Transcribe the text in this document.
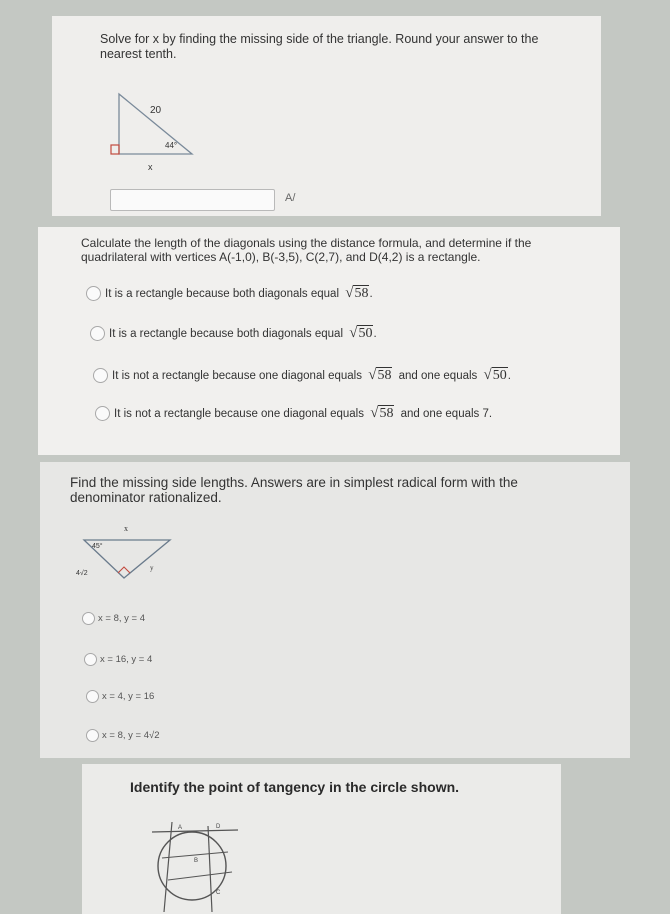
Solve for x by finding the missing side of the triangle. Round your answer to the nearest tenth.
20
44°
x
A/
Calculate the length of the diagonals using the distance formula, and determine if the quadrilateral with vertices A(-1,0), B(-3,5), C(2,7), and D(4,2) is a rectangle.
It is a rectangle because both diagonals equal √58.
It is a rectangle because both diagonals equal √50.
It is not a rectangle because one diagonal equals √58 and one equals √50.
It is not a rectangle because one diagonal equals √58 and one equals 7.
Find the missing side lengths. Answers are in simplest radical form with the denominator rationalized.
x
45°
4√2
y
x = 8, y = 4
x = 16, y = 4
x = 4, y = 16
x = 8, y = 4√2
Identify the point of tangency in the circle shown.
A	D
B
C
